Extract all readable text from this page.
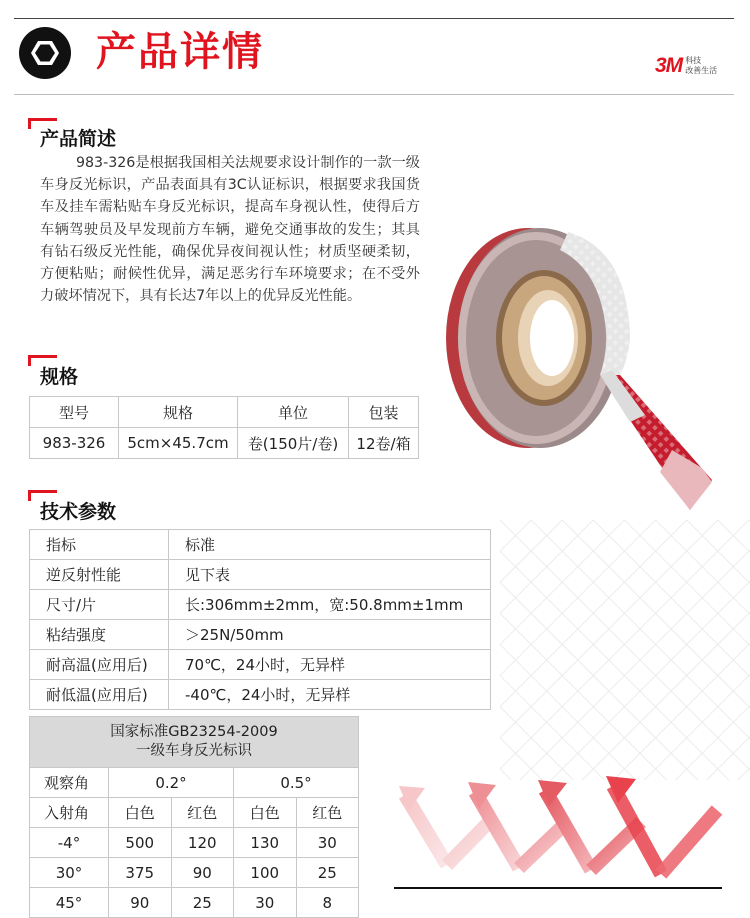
产品详情	3M 科技
改善生活
产品简述
983-326是根据我国相关法规要求设计制作的一款一级车身反光标识，产品表面具有3C认证标识，根据要求我国货车及挂车需粘贴车身反光标识，提高车身视认性，使得后方车辆驾驶员及早发现前方车辆，避免交通事故的发生；其具有钻石级反光性能，确保优异夜间视认性；材质坚硬柔韧，方便粘贴；耐候性优异，满足恶劣行车环境要求；在不受外力破坏情况下，具有长达7年以上的优异反光性能。
规格
型号	规格	单位	包装
983-326	5cm×45.7cm	卷(150片/卷)	12卷/箱
技术参数
指标	标准
逆反射性能	见下表
尺寸/片	长:306mm±2mm，宽:50.8mm±1mm
粘结强度	＞25N/50mm
耐高温(应用后)	70℃，24小时，无异样
耐低温(应用后)	-40℃，24小时，无异样
国家标准GB23254-2009
一级车身反光标识				
观察角	0.2°		0.5°	
入射角	白色	红色	白色	红色
-4°	500	120	130	30
30°	375	90	100	25
45°	90	25	30	8
